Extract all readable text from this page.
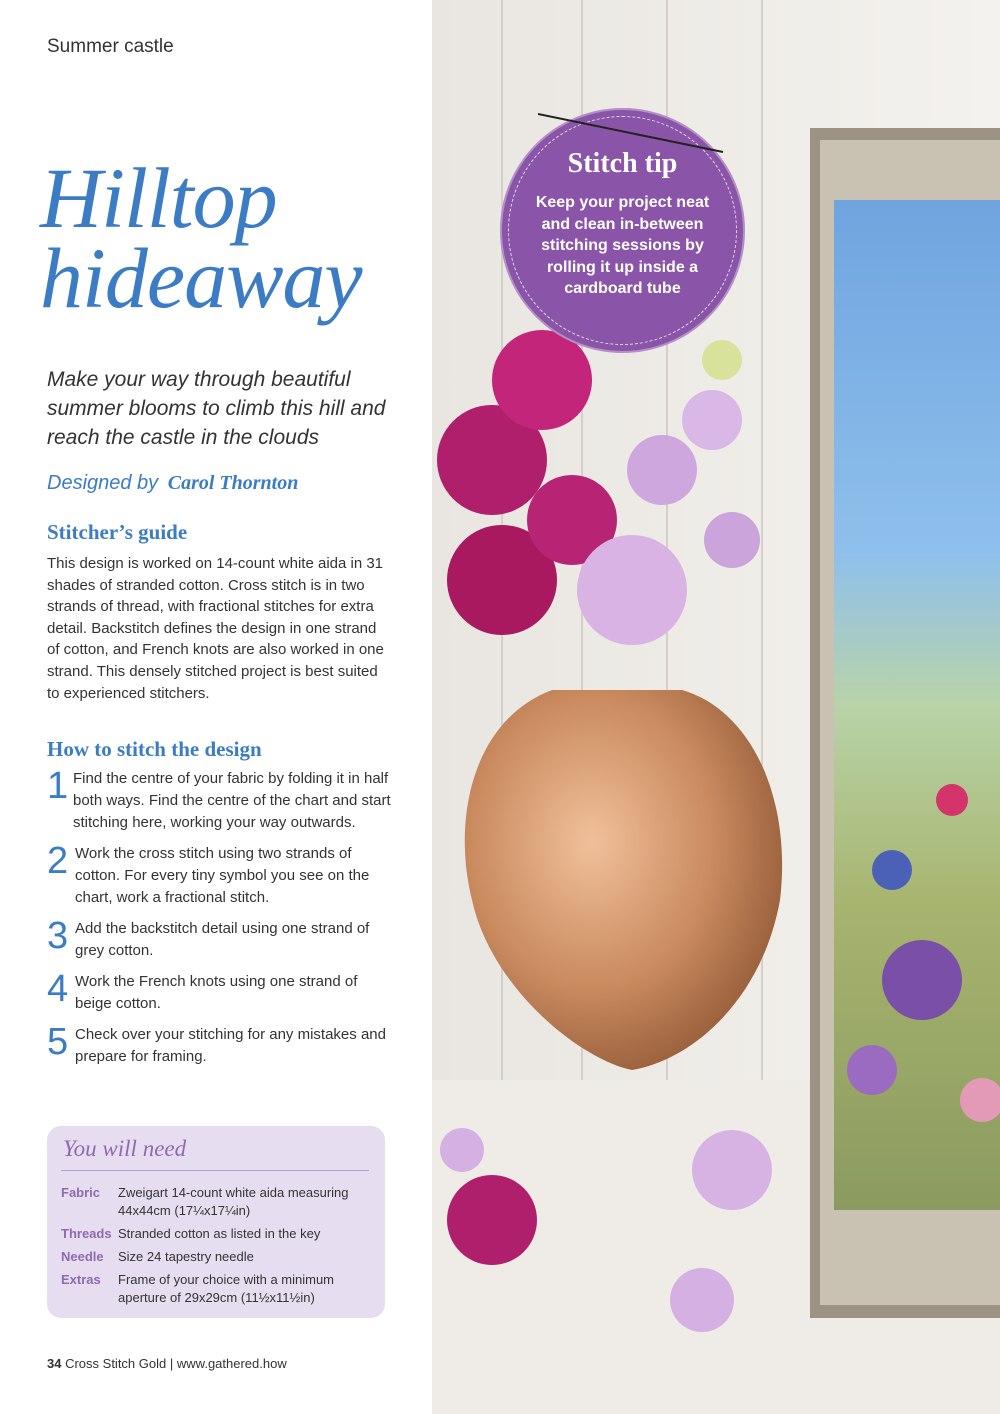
Summer castle
Hilltop
hideaway
Make your way through beautiful summer blooms to climb this hill and reach the castle in the clouds
Designed by Carol Thornton
Stitcher’s guide
This design is worked on 14-count white aida in 31 shades of stranded cotton. Cross stitch is in two strands of thread, with fractional stitches for extra detail. Backstitch defines the design in one strand of cotton, and French knots are also worked in one strand. This densely stitched project is best suited to experienced stitchers.
How to stitch the design
1 Find the centre of your fabric by folding it in half both ways. Find the centre of the chart and start stitching here, working your way outwards.
2 Work the cross stitch using two strands of cotton. For every tiny symbol you see on the chart, work a fractional stitch.
3 Add the backstitch detail using one strand of grey cotton.
4 Work the French knots using one strand of beige cotton.
5 Check over your stitching for any mistakes and prepare for framing.
You will need
Fabric	Zweigart 14-count white aida measuring 44x44cm (17¼x17¼in)
Threads Stranded cotton as listed in the key
Needle	Size 24 tapestry needle
Extras	Frame of your choice with a minimum aperture of 29x29cm (11½x11½in)
34 Cross Stitch Gold | www.gathered.how
Stitch tip
Keep your project neat and clean in-between stitching sessions by rolling it up inside a cardboard tube
